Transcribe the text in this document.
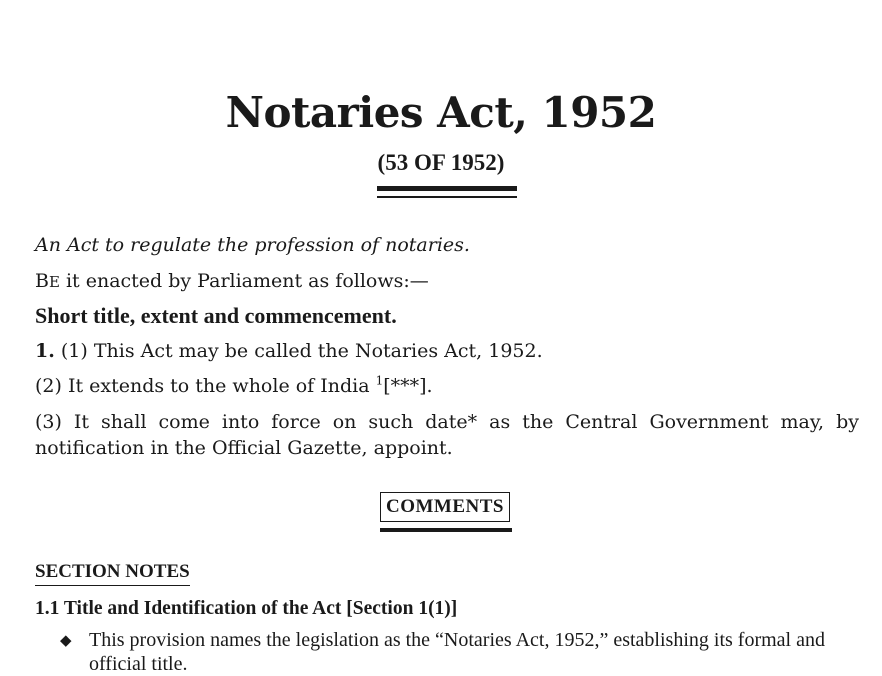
Notaries Act, 1952
(53 OF 1952)
An Act to regulate the profession of notaries.
BE it enacted by Parliament as follows:—
Short title, extent and commencement.
1. (1) This Act may be called the Notaries Act, 1952.
(2) It extends to the whole of India $^1$[***].
(3) It shall come into force on such date* as the Central Government may, by notification in the Official Gazette, appoint.
COMMENTS
SECTION NOTES
1.1 Title and Identification of the Act [Section 1(1)]
◆ This provision names the legislation as the “Notaries Act, 1952,” establishing its formal and official title.
